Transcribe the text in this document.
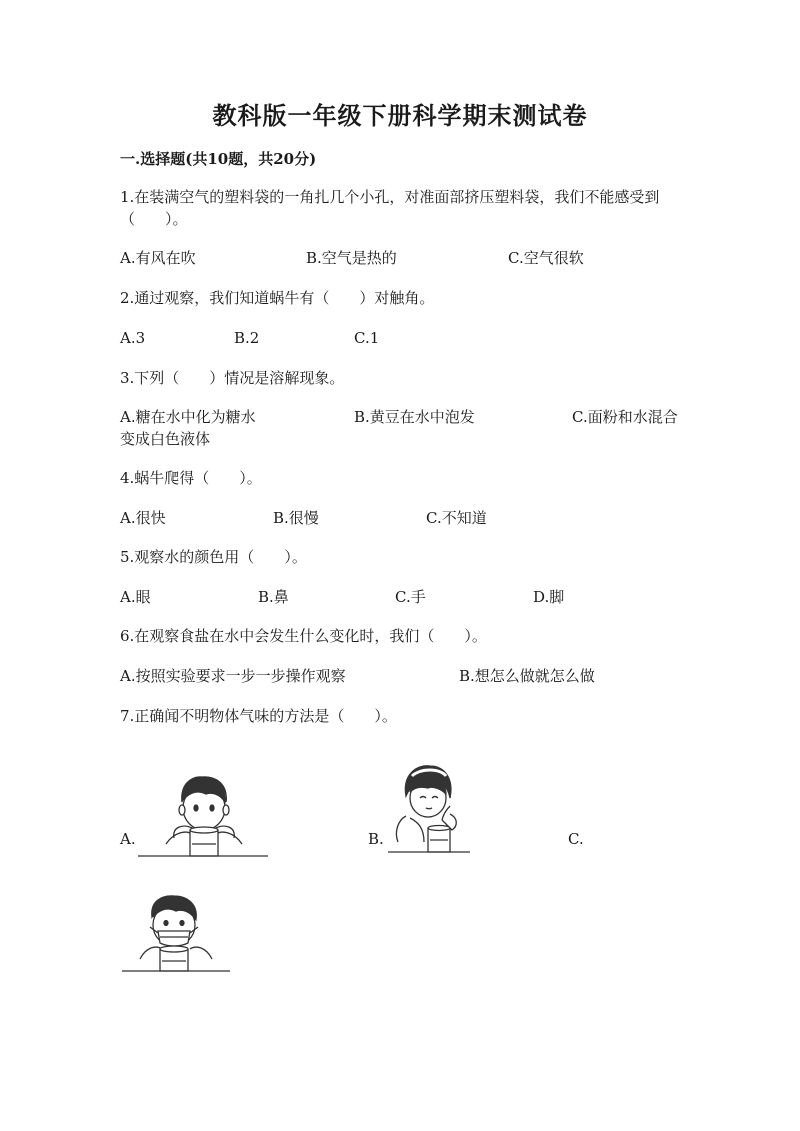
教科版一年级下册科学期末测试卷
一.选择题(共10题，共20分)
1.在装满空气的塑料袋的一角扎几个小孔，对准面部挤压塑料袋，我们不能感受到（　　）。
A.有风在吹	B.空气是热的	C.空气很软
2.通过观察，我们知道蜗牛有（　　）对触角。
A.3	B.2	C.1
3.下列（　　）情况是溶解现象。
A.糖在水中化为糖水	B.黄豆在水中泡发	C.面粉和水混合变成白色液体
4.蜗牛爬得（　　）。
A.很快	B.很慢	C.不知道
5.观察水的颜色用（　　）。
A.眼	B.鼻	C.手	D.脚
6.在观察食盐在水中会发生什么变化时，我们（　　）。
A.按照实验要求一步一步操作观察	B.想怎么做就怎么做
7.正确闻不明物体气味的方法是（　　）。
A.	B.	C.
